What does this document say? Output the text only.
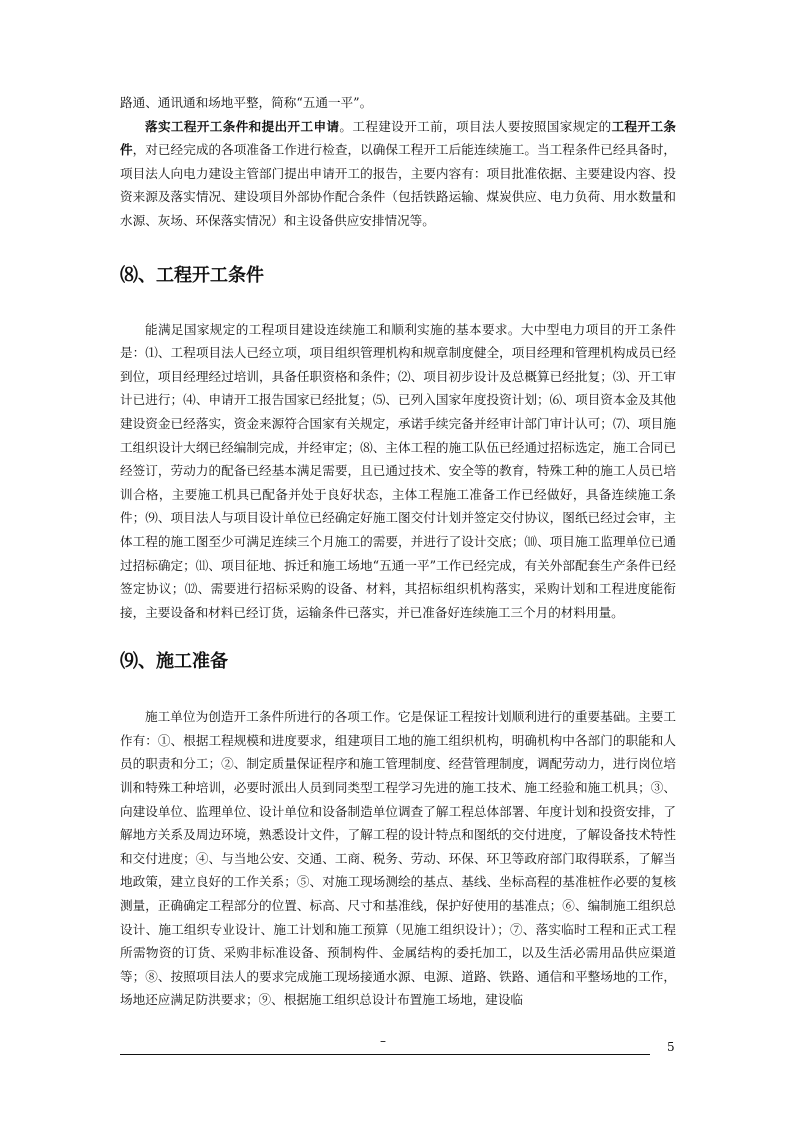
路通、通讯通和场地平整，简称“五通一平”。

落实工程开工条件和提出开工申请。工程建设开工前，项目法人要按照国家规定的工程开工条件，对已经完成的各项准备工作进行检查，以确保工程开工后能连续施工。当工程条件已经具备时，项目法人向电力建设主管部门提出申请开工的报告，主要内容有：项目批准依据、主要建设内容、投资来源及落实情况、建设项目外部协作配合条件（包括铁路运输、煤炭供应、电力负荷、用水数量和水源、灰场、环保落实情况）和主设备供应安排情况等。

⑻、工程开工条件

能满足国家规定的工程项目建设连续施工和顺利实施的基本要求。大中型电力项目的开工条件是：⑴、工程项目法人已经立项，项目组织管理机构和规章制度健全，项目经理和管理机构成员已经到位，项目经理经过培训，具备任职资格和条件；⑵、项目初步设计及总概算已经批复；⑶、开工审计已进行；⑷、申请开工报告国家已经批复；⑸、已列入国家年度投资计划；⑹、项目资本金及其他建设资金已经落实，资金来源符合国家有关规定，承诺手续完备并经审计部门审计认可；⑺、项目施工组织设计大纲已经编制完成，并经审定；⑻、主体工程的施工队伍已经通过招标选定，施工合同已经签订，劳动力的配备已经基本满足需要，且已通过技术、安全等的教育，特殊工种的施工人员已培训合格，主要施工机具已配备并处于良好状态，主体工程施工准备工作已经做好，具备连续施工条件；⑼、项目法人与项目设计单位已经确定好施工图交付计划并签定交付协议，图纸已经过会审，主体工程的施工图至少可满足连续三个月施工的需要，并进行了设计交底；⑽、项目施工监理单位已通过招标确定；⑾、项目征地、拆迁和施工场地“五通一平”工作已经完成，有关外部配套生产条件已经签定协议；⑿、需要进行招标采购的设备、材料，其招标组织机构落实，采购计划和工程进度能衔接，主要设备和材料已经订货，运输条件已落实，并已准备好连续施工三个月的材料用量。

⑼、施工准备

施工单位为创造开工条件所进行的各项工作。它是保证工程按计划顺利进行的重要基础。主要工作有：①、根据工程规模和进度要求，组建项目工地的施工组织机构，明确机构中各部门的职能和人员的职责和分工；②、制定质量保证程序和施工管理制度、经营管理制度，调配劳动力，进行岗位培训和特殊工种培训，必要时派出人员到同类型工程学习先进的施工技术、施工经验和施工机具；③、向建设单位、监理单位、设计单位和设备制造单位调查了解工程总体部署、年度计划和投资安排，了解地方关系及周边环境，熟悉设计文件，了解工程的设计特点和图纸的交付进度，了解设备技术特性和交付进度；④、与当地公安、交通、工商、税务、劳动、环保、环卫等政府部门取得联系，了解当地政策，建立良好的工作关系；⑤、对施工现场测绘的基点、基线、坐标高程的基准桩作必要的复核测量，正确确定工程部分的位置、标高、尺寸和基准线，保护好使用的基准点；⑥、编制施工组织总设计、施工组织专业设计、施工计划和施工预算（见施工组织设计）；⑦、落实临时工程和正式工程所需物资的订货、采购非标准设备、预制构件、金属结构的委托加工，以及生活必需用品供应渠道等；⑧、按照项目法人的要求完成施工现场接通水源、电源、道路、铁路、通信和平整场地的工作，场地还应满足防洪要求；⑨、根据施工组织总设计布置施工场地，建设临

–	5
